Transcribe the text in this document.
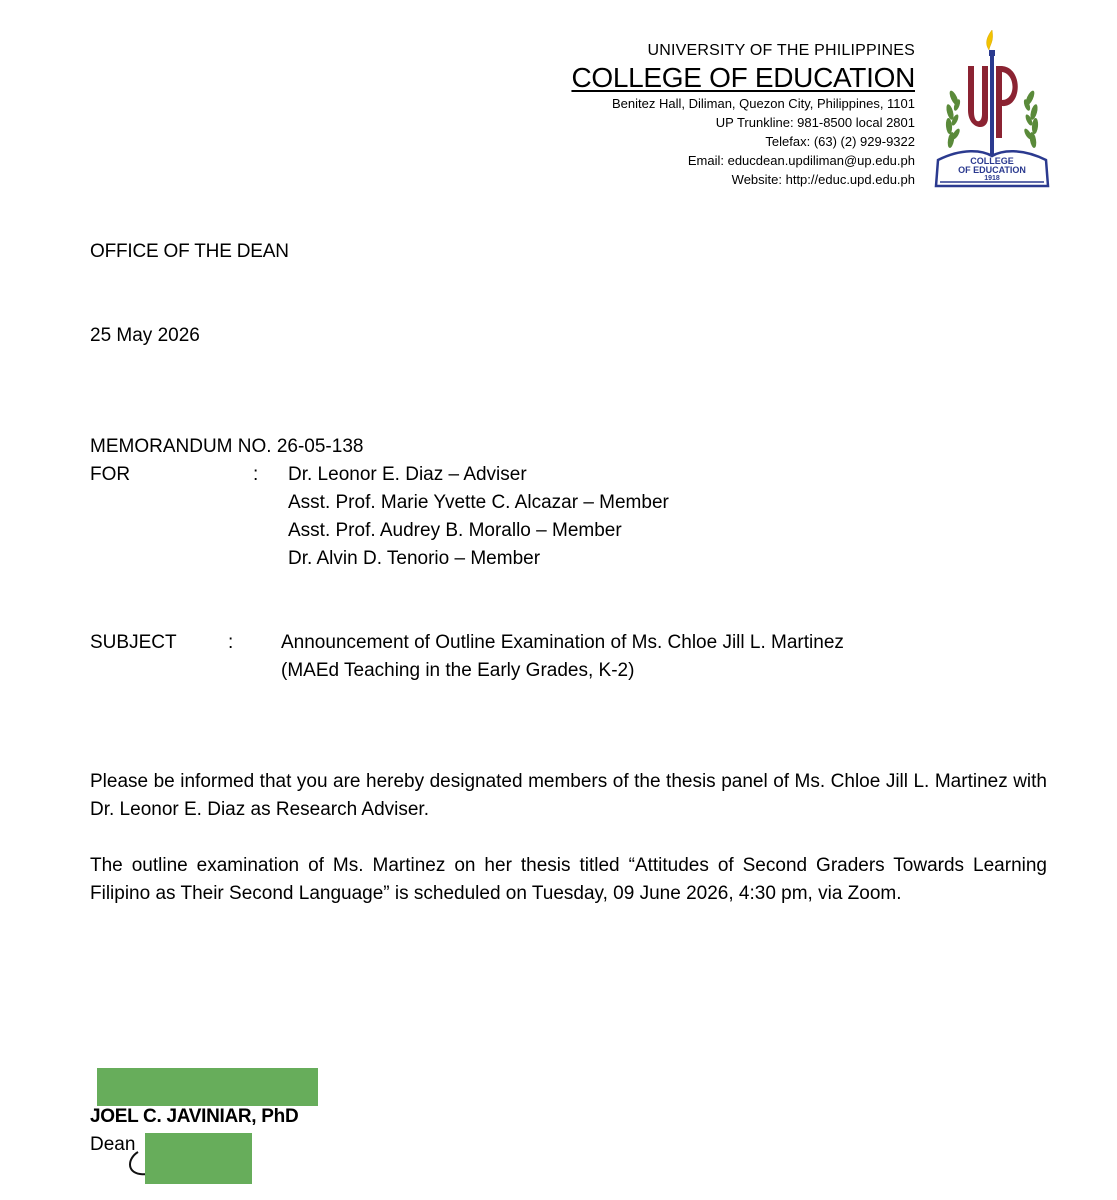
UNIVERSITY OF THE PHILIPPINES
COLLEGE OF EDUCATION
Benitez Hall, Diliman, Quezon City, Philippines, 1101
UP Trunkline: 981-8500 local 2801
Telefax: (63) (2) 929-9322
Email: educdean.updiliman@up.edu.ph
Website: http://educ.upd.edu.ph
COLLEGE
OF EDUCATION
1918
OFFICE OF THE DEAN
25 May 2026
MEMORANDUM NO. 26-05-138
FOR	: Dr. Leonor E. Diaz – Adviser
Asst. Prof. Marie Yvette C. Alcazar – Member
Asst. Prof. Audrey B. Morallo – Member
Dr. Alvin D. Tenorio – Member
SUBJECT	:	Announcement of Outline Examination of Ms. Chloe Jill L. Martinez
(MAEd Teaching in the Early Grades, K-2)
Please be informed that you are hereby designated members of the thesis panel of Ms. Chloe Jill L. Martinez with Dr. Leonor E. Diaz as Research Adviser.
The outline examination of Ms. Martinez on her thesis titled “Attitudes of Second Graders Towards Learning Filipino as Their Second Language” is scheduled on Tuesday, 09 June 2026, 4:30 pm, via Zoom.
JOEL C. JAVINIAR, PhD
Dean
